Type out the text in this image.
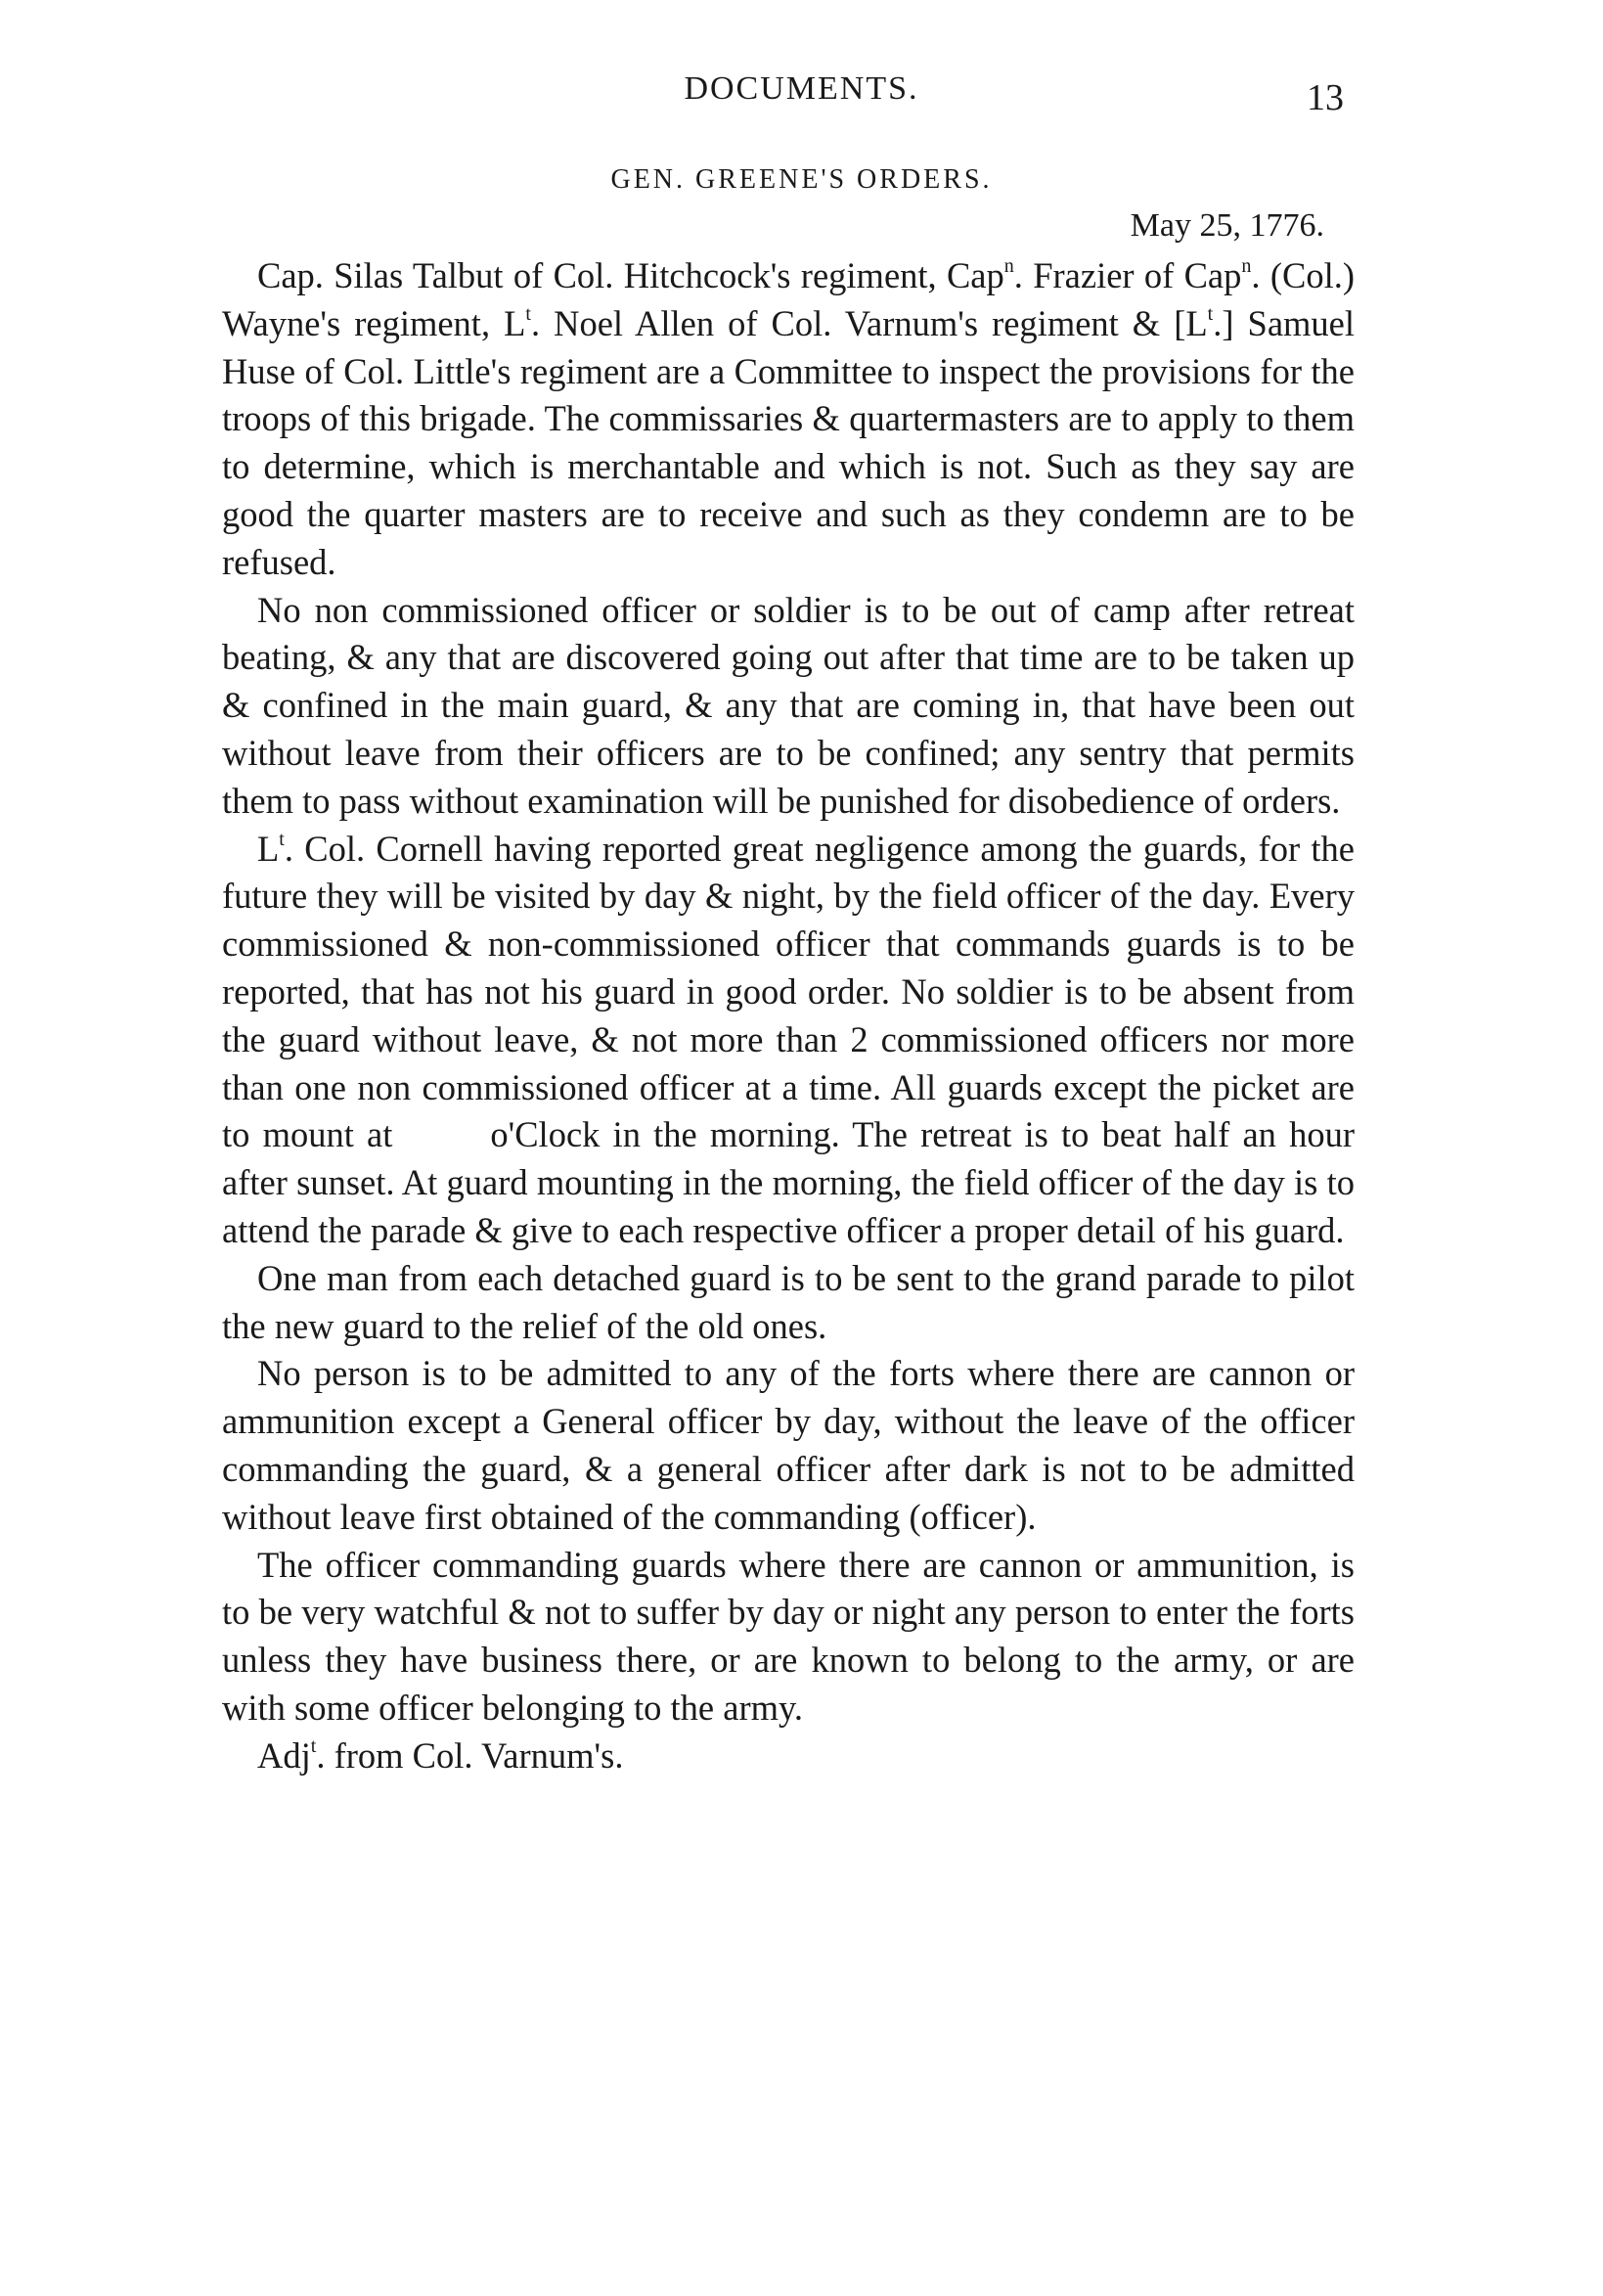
DOCUMENTS.	13
GEN. GREENE'S ORDERS.
May 25, 1776.

Cap. Silas Talbut of Col. Hitchcock's regiment, Cap$^n$. Frazier of Cap$^n$. (Col.) Wayne's regiment, $L^t$. Noel Allen of Col. Varnum's regiment & $[L^t.]$ Samuel Huse of Col. Little's regiment are a Committee to inspect the provisions for the troops of this brigade. The commissaries & quartermasters are to apply to them to determine, which is merchantable and which is not. Such as they say are good the quarter masters are to receive and such as they condemn are to be refused.

No non commissioned officer or soldier is to be out of camp after retreat beating, & any that are discovered going out after that time are to be taken up & confined in the main guard, & any that are coming in, that have been out without leave from their officers are to be confined; any sentry that permits them to pass without examination will be punished for disobedience of orders.

$L^t$. Col. Cornell having reported great negligence among the guards, for the future they will be visited by day & night, by the field officer of the day. Every commissioned & non-commissioned officer that commands guards is to be reported, that has not his guard in good order. No soldier is to be absent from the guard without leave, & not more than 2 commissioned officers nor more than one non commissioned officer at a time. All guards except the picket are to mount at	o'Clock in the morning. The retreat is to beat half an hour after sunset. At guard mounting in the morning, the field officer of the day is to attend the parade & give to each respective officer a proper detail of his guard.

One man from each detached guard is to be sent to the grand parade to pilot the new guard to the relief of the old ones.

No person is to be admitted to any of the forts where there are cannon or ammunition except a General officer by day, without the leave of the officer commanding the guard, & a general officer after dark is not to be admitted without leave first obtained of the commanding (officer).

The officer commanding guards where there are cannon or ammunition, is to be very watchful & not to suffer by day or night any person to enter the forts unless they have business there, or are known to belong to the army, or are with some officer belonging to the army.

Adj$^t$. from Col. Varnum's.
